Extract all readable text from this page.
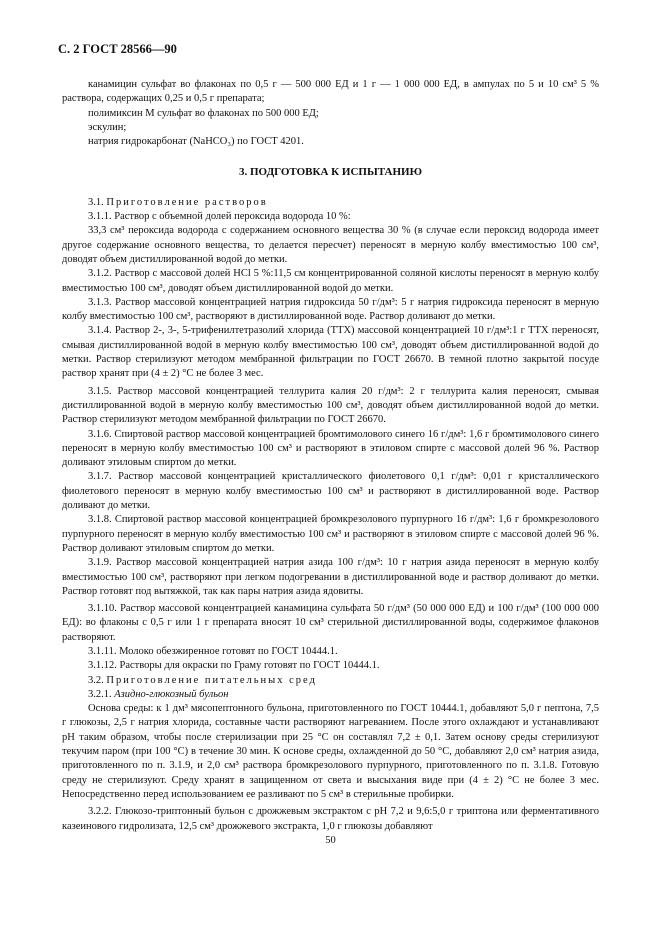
С. 2 ГОСТ 28566—90

канамицин сульфат во флаконах по 0,5 г — 500 000 ЕД и 1 г — 1 000 000 ЕД, в ампулах по 5 и 10 см³ 5 % раствора, содержащих 0,25 и 0,5 г препарата;

полимиксин М сульфат во флаконах по 500 000 ЕД;

эскулин;

натрия гидрокарбонат (NaHCO₃) по ГОСТ 4201.

3. ПОДГОТОВКА К ИСПЫТАНИЮ

3.1. Приготовление растворов

3.1.1. Раствор с объемной долей пероксида водорода 10 %:

33,3 см³ пероксида водорода с содержанием основного вещества 30 % (в случае если пероксид водорода имеет другое содержание основного вещества, то делается пересчет) переносят в мерную колбу вместимостью 100 см³, доводят объем дистиллированной водой до метки.

3.1.2. Раствор с массовой долей HCl 5 %:11,5 см концентрированной соляной кислоты переносят в мерную колбу вместимостью 100 см³, доводят объем дистиллированной водой до метки.

3.1.3. Раствор массовой концентрацией натрия гидроксида 50 г/дм³: 5 г натрия гидроксида переносят в мерную колбу вместимостью 100 см³, растворяют в дистиллированной воде. Раствор доливают до метки.

3.1.4. Раствор 2-, 3-, 5-трифенилтетразолий хлорида (ТТХ) массовой концентрацией 10 г/дм³:1 г ТТХ переносят, смывая дистиллированной водой в мерную колбу вместимостью 100 см³, доводят объем дистиллированной водой до метки. Раствор стерилизуют методом мембранной фильтрации по ГОСТ 26670. В темной плотно закрытой посуде раствор хранят при (4 ± 2) °С не более 3 мес.

3.1.5. Раствор массовой концентрацией теллурита калия 20 г/дм³: 2 г теллурита калия переносят, смывая дистиллированной водой в мерную колбу вместимостью 100 см³, доводят объем дистиллированной водой до метки. Раствор стерилизуют методом мембранной фильтрации по ГОСТ 26670.

3.1.6. Спиртовой раствор массовой концентрацией бромтимолового синего 16 г/дм³: 1,6 г бромтимолового синего переносят в мерную колбу вместимостью 100 см³ и растворяют в этиловом спирте с массовой долей 96 %. Раствор доливают этиловым спиртом до метки.

3.1.7. Раствор массовой концентрацией кристаллического фиолетового 0,1 г/дм³: 0,01 г кристаллического фиолетового переносят в мерную колбу вместимостью 100 см³ и растворяют в дистиллированной воде. Раствор доливают до метки.

3.1.8. Спиртовой раствор массовой концентрацией бромкрезолового пурпурного 16 г/дм³: 1,6 г бромкрезолового пурпурного переносят в мерную колбу вместимостью 100 см³ и растворяют в этиловом спирте с массовой долей 96 %. Раствор доливают этиловым спиртом до метки.

3.1.9. Раствор массовой концентрацией натрия азида 100 г/дм³: 10 г натрия азида переносят в мерную колбу вместимостью 100 см³, растворяют при легком подогревании в дистиллированной воде и раствор доливают до метки. Раствор готовят под вытяжкой, так как пары натрия азида ядовиты.

3.1.10. Раствор массовой концентрацией канамицина сульфата 50 г/дм³ (50 000 000 ЕД) и 100 г/дм³ (100 000 000 ЕД): во флаконы с 0,5 г или 1 г препарата вносят 10 см³ стерильной дистиллированной воды, содержимое флаконов растворяют.

3.1.11. Молоко обезжиренное готовят по ГОСТ 10444.1.

3.1.12. Растворы для окраски по Граму готовят по ГОСТ 10444.1.

3.2. Приготовление питательных сред

3.2.1. Азидно-глюкозный бульон

Основа среды: к 1 дм³ мясопептонного бульона, приготовленного по ГОСТ 10444.1, добавляют 5,0 г пептона, 7,5 г глюкозы, 2,5 г натрия хлорида, составные части растворяют нагреванием. После этого охлаждают и устанавливают рН таким образом, чтобы после стерилизации при 25 °С он составлял 7,2 ± 0,1. Затем основу среды стерилизуют текучим паром (при 100 °С) в течение 30 мин. К основе среды, охлажденной до 50 °С, добавляют 2,0 см³ натрия азида, приготовленного по п. 3.1.9, и 2,0 см³ раствора бромкрезолового пурпурного, приготовленного по п. 3.1.8. Готовую среду не стерилизуют. Среду хранят в защищенном от света и высыхания виде при (4 ± 2) °С не более 3 мес. Непосредственно перед использованием ее разливают по 5 см³ в стерильные пробирки.

3.2.2. Глюкозо-триптонный бульон с дрожжевым экстрактом с рН 7,2 и 9,6:5,0 г триптона или ферментативного казеинового гидролизата, 12,5 см³ дрожжевого экстракта, 1,0 г глюкозы добавляют

50
